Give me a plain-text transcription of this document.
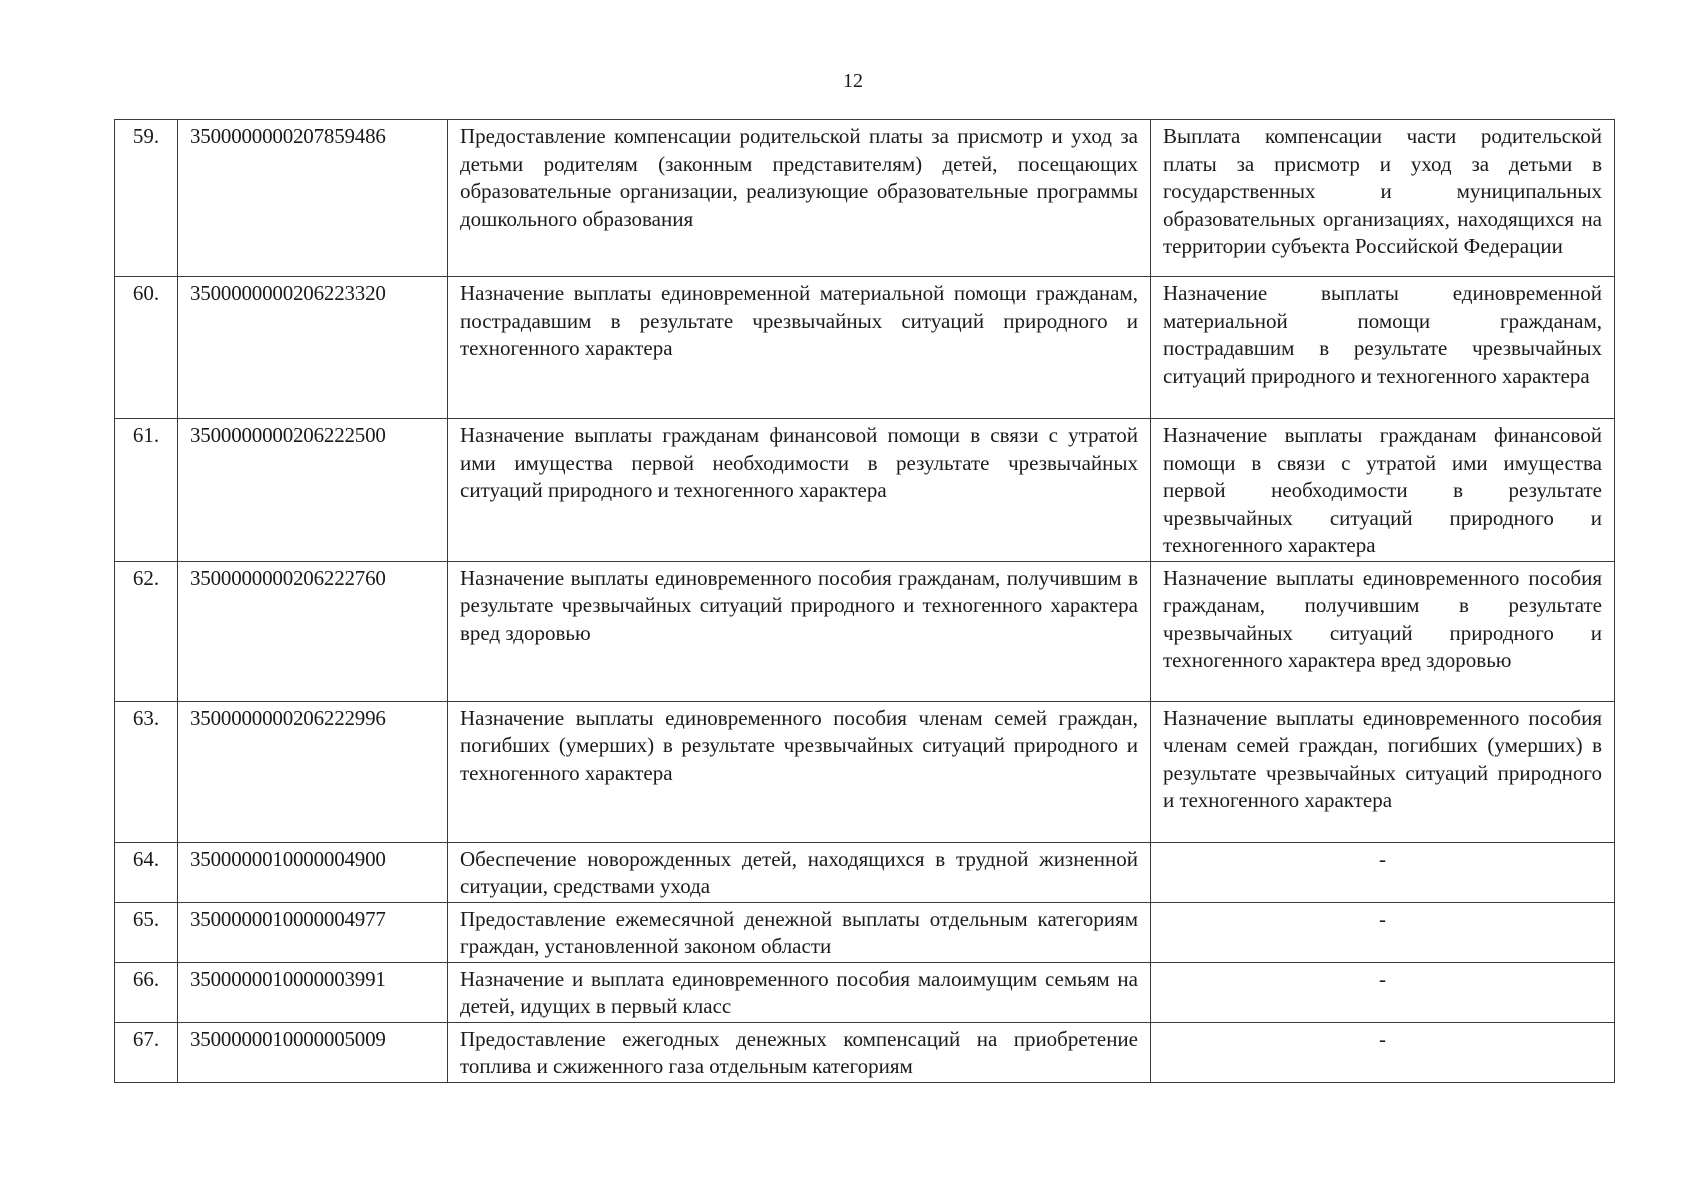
12
59.	3500000000207859486	Предоставление компенсации родительской платы за присмотр и уход за детьми родителям (законным представителям) детей, посещающих образовательные организации, реализующие образовательные программы дошкольного образования	Выплата компенсации части родительской платы за присмотр и уход за детьми в государственных и муниципальных образовательных организациях, находящихся на территории субъекта Российской Федерации
60.	3500000000206223320	Назначение выплаты единовременной материальной помощи гражданам, пострадавшим в результате чрезвычайных ситуаций природного и техногенного характера	Назначение выплаты единовременной материальной помощи гражданам, пострадавшим в результате чрезвычайных ситуаций природного и техногенного характера
61.	3500000000206222500	Назначение выплаты гражданам финансовой помощи в связи с утратой ими имущества первой необходимости в результате чрезвычайных ситуаций природного и техногенного характера	Назначение выплаты гражданам финансовой помощи в связи с утратой ими имущества первой необходимости в результате чрезвычайных ситуаций природного и техногенного характера
62.	3500000000206222760	Назначение выплаты единовременного пособия гражданам, получившим в результате чрезвычайных ситуаций природного и техногенного характера вред здоровью	Назначение выплаты единовременного пособия гражданам, получившим в результате чрезвычайных ситуаций природного и техногенного характера вред здоровью
63.	3500000000206222996	Назначение выплаты единовременного пособия членам семей граждан, погибших (умерших) в результате чрезвычайных ситуаций природного и техногенного характера	Назначение выплаты единовременного пособия членам семей граждан, погибших (умерших) в результате чрезвычайных ситуаций природного и техногенного характера
64.	3500000010000004900	Обеспечение новорожденных детей, находящихся в трудной жизненной ситуации, средствами ухода	-
65.	3500000010000004977	Предоставление ежемесячной денежной выплаты отдельным категориям граждан, установленной законом области	-
66.	3500000010000003991	Назначение и выплата единовременного пособия малоимущим семьям на детей, идущих в первый класс	-
67.	3500000010000005009	Предоставление ежегодных денежных компенсаций на приобретение топлива и сжиженного газа отдельным категориям	-
